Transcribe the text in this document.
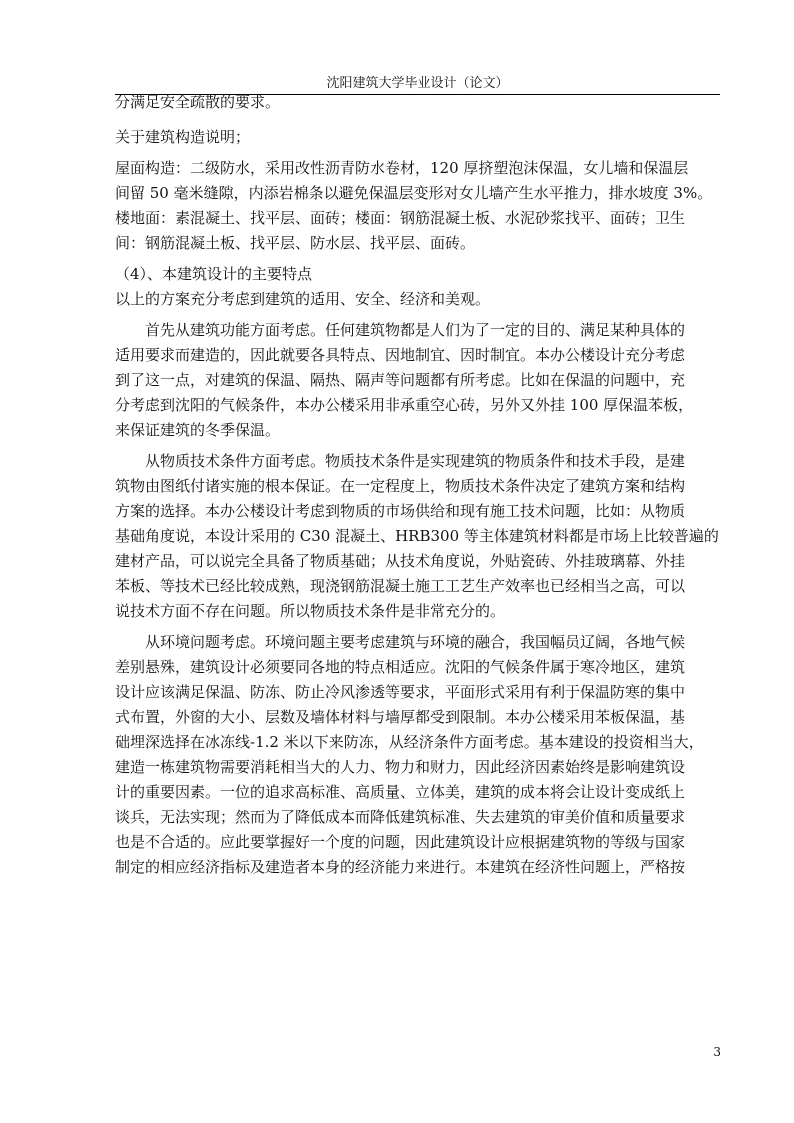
沈阳建筑大学毕业设计（论文）
分满足安全疏散的要求。
关于建筑构造说明；
屋面构造：二级防水，采用改性沥青防水卷材，120 厚挤塑泡沫保温，女儿墙和保温层
间留 50 毫米缝隙，内添岩棉条以避免保温层变形对女儿墙产生水平推力，排水坡度 3%。
楼地面：素混凝土、找平层、面砖；楼面：钢筋混凝土板、水泥砂浆找平、面砖；卫生
间：钢筋混凝土板、找平层、防水层、找平层、面砖。
（4）、本建筑设计的主要特点
以上的方案充分考虑到建筑的适用、安全、经济和美观。
首先从建筑功能方面考虑。任何建筑物都是人们为了一定的目的、满足某种具体的
适用要求而建造的，因此就要各具特点、因地制宜、因时制宜。本办公楼设计充分考虑
到了这一点，对建筑的保温、隔热、隔声等问题都有所考虑。比如在保温的问题中，充
分考虑到沈阳的气候条件，本办公楼采用非承重空心砖，另外又外挂 100 厚保温苯板，
来保证建筑的冬季保温。
从物质技术条件方面考虑。物质技术条件是实现建筑的物质条件和技术手段，是建
筑物由图纸付诸实施的根本保证。在一定程度上，物质技术条件决定了建筑方案和结构
方案的选择。本办公楼设计考虑到物质的市场供给和现有施工技术问题，比如：从物质
基础角度说，本设计采用的 C30 混凝土、HRB300 等主体建筑材料都是市场上比较普遍的
建材产品，可以说完全具备了物质基础；从技术角度说，外贴瓷砖、外挂玻璃幕、外挂
苯板、等技术已经比较成熟，现浇钢筋混凝土施工工艺生产效率也已经相当之高，可以
说技术方面不存在问题。所以物质技术条件是非常充分的。
从环境问题考虑。环境问题主要考虑建筑与环境的融合，我国幅员辽阔，各地气候
差别悬殊，建筑设计必须要同各地的特点相适应。沈阳的气候条件属于寒冷地区，建筑
设计应该满足保温、防冻、防止冷风渗透等要求，平面形式采用有利于保温防寒的集中
式布置，外窗的大小、层数及墙体材料与墙厚都受到限制。本办公楼采用苯板保温，基
础埋深选择在冰冻线-1.2 米以下来防冻，从经济条件方面考虑。基本建设的投资相当大，
建造一栋建筑物需要消耗相当大的人力、物力和财力，因此经济因素始终是影响建筑设
计的重要因素。一位的追求高标准、高质量、立体美，建筑的成本将会让设计变成纸上
谈兵，无法实现；然而为了降低成本而降低建筑标准、失去建筑的审美价值和质量要求
也是不合适的。应此要掌握好一个度的问题，因此建筑设计应根据建筑物的等级与国家
制定的相应经济指标及建造者本身的经济能力来进行。本建筑在经济性问题上，严格按
3
